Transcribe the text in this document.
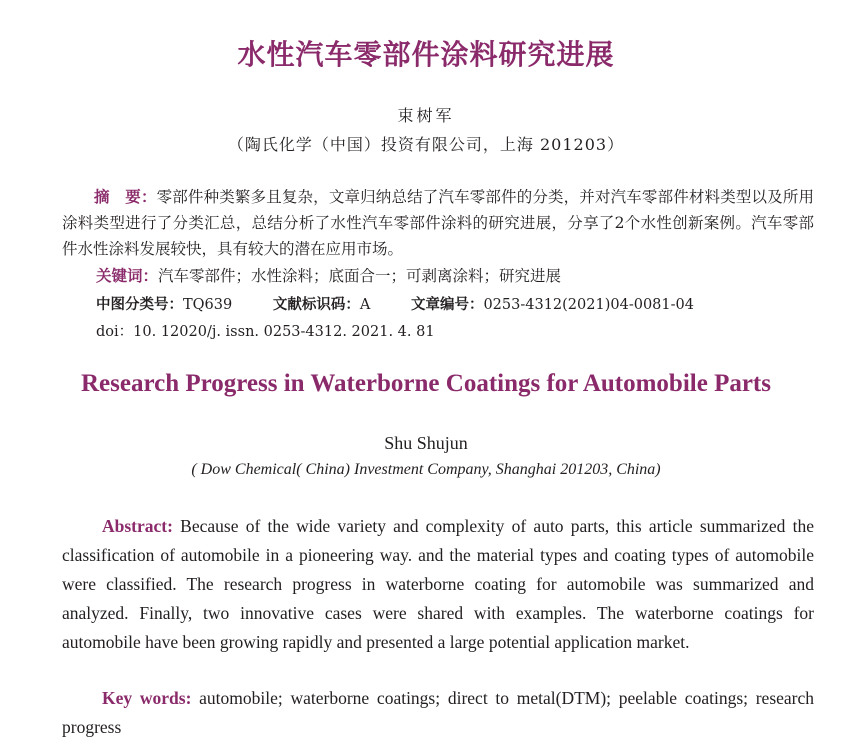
水性汽车零部件涂料研究进展
束树军
（陶氏化学（中国）投资有限公司，上海 201203）

摘　要：零部件种类繁多且复杂，文章归纳总结了汽车零部件的分类，并对汽车零部件材料类型以及所用涂料类型进行了分类汇总，总结分析了水性汽车零部件涂料的研究进展，分享了2个水性创新案例。汽车零部件水性涂料发展较快，具有较大的潜在应用市场。

关键词：汽车零部件；水性涂料；底面合一；可剥离涂料；研究进展
中图分类号：TQ639	文献标识码：A	文章编号：0253-4312(2021)04-0081-04
doi：10. 12020/j. issn. 0253-4312. 2021. 4. 81
Research Progress in Waterborne Coatings for Automobile Parts
Shu Shujun
( Dow Chemical( China) Investment Company, Shanghai 201203, China)

Abstract: Because of the wide variety and complexity of auto parts, this article summarized the classification of automobile in a pioneering way. and the material types and coating types of automobile were classified. The research progress in waterborne coating for automobile was summarized and analyzed. Finally, two innovative cases were shared with examples. The waterborne coatings for automobile have been growing rapidly and presented a large potential application market.

Key words: automobile; waterborne coatings; direct to metal(DTM); peelable coatings; research progress
